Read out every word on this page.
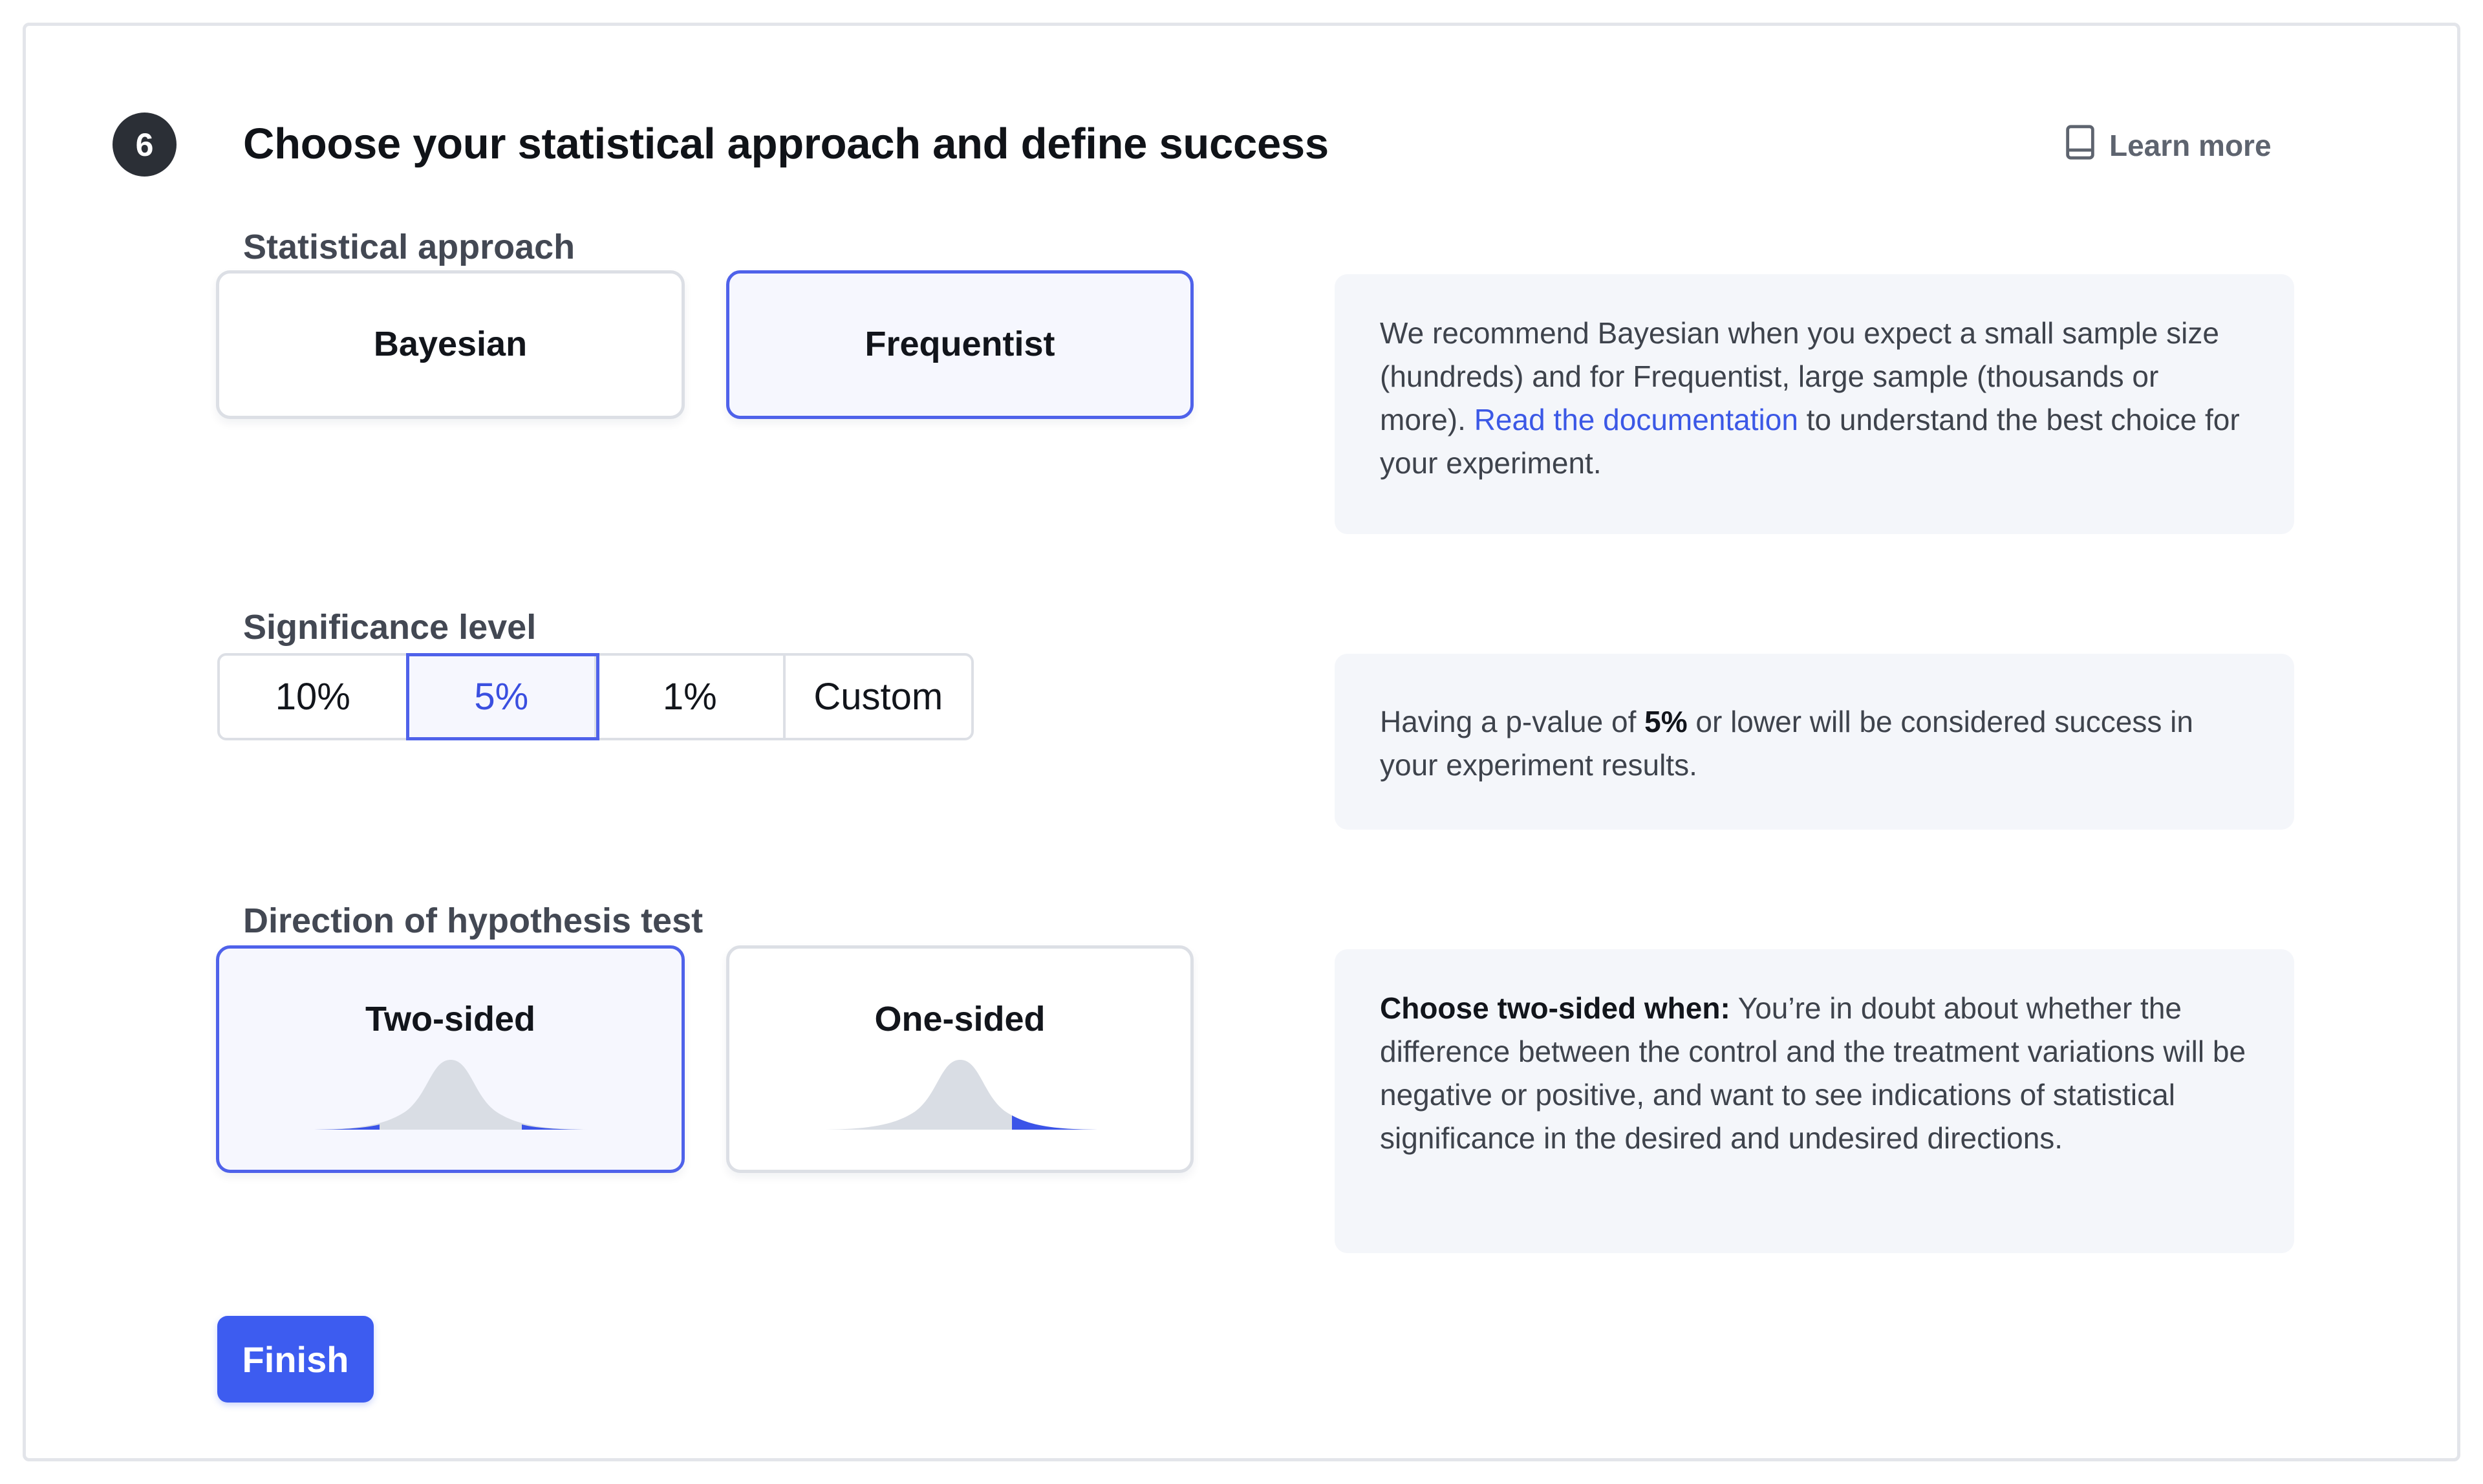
6	Choose your statistical approach and define success	Learn more
Statistical approach
Bayesian	Frequentist	We recommend Bayesian when you expect a small sample size (hundreds) and for Frequentist, large sample (thousands or more). Read the documentation to understand the best choice for your experiment.

Significance level
10%	5%	1%	Custom

Having a p-value of 5% or lower will be considered success in your experiment results.

Direction of hypothesis test
Two-sided	One-sided	Choose two-sided when: You’re in doubt about whether the difference between the control and the treatment variations will be negative or positive, and want to see indications of statistical significance in the desired and undesired directions.

Finish
